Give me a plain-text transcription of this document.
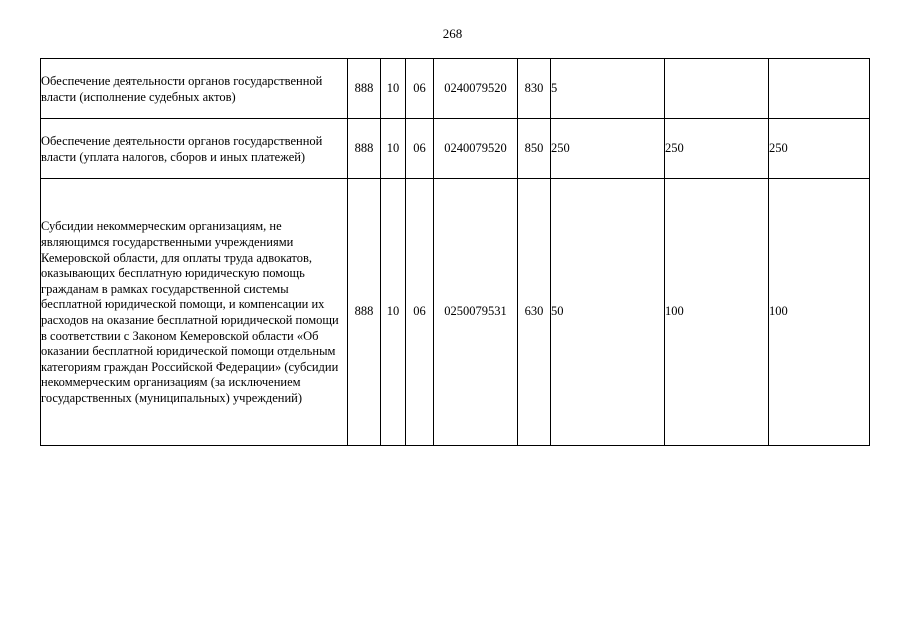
268
Обеспечение деятельности органов государственной власти (исполнение судебных актов)	888	10	06	0240079520	830	5		
Обеспечение деятельности органов государственной власти (уплата налогов, сборов и иных платежей)	888	10	06	0240079520	850	250	250	250
Субсидии некоммерческим организациям, не являющимся государственными учреждениями Кемеровской области, для оплаты труда адвокатов, оказывающих бесплатную юридическую помощь гражданам в рамках государственной системы бесплатной юридической помощи, и компенсации их расходов на оказание бесплатной юридической помощи в соответствии с Законом Кемеровской области «Об оказании бесплатной юридической помощи отдельным категориям граждан Российской Федерации» (субсидии некоммерческим организациям (за исключением государственных (муниципальных) учреждений)	888	10	06	0250079531	630	50	100	100
